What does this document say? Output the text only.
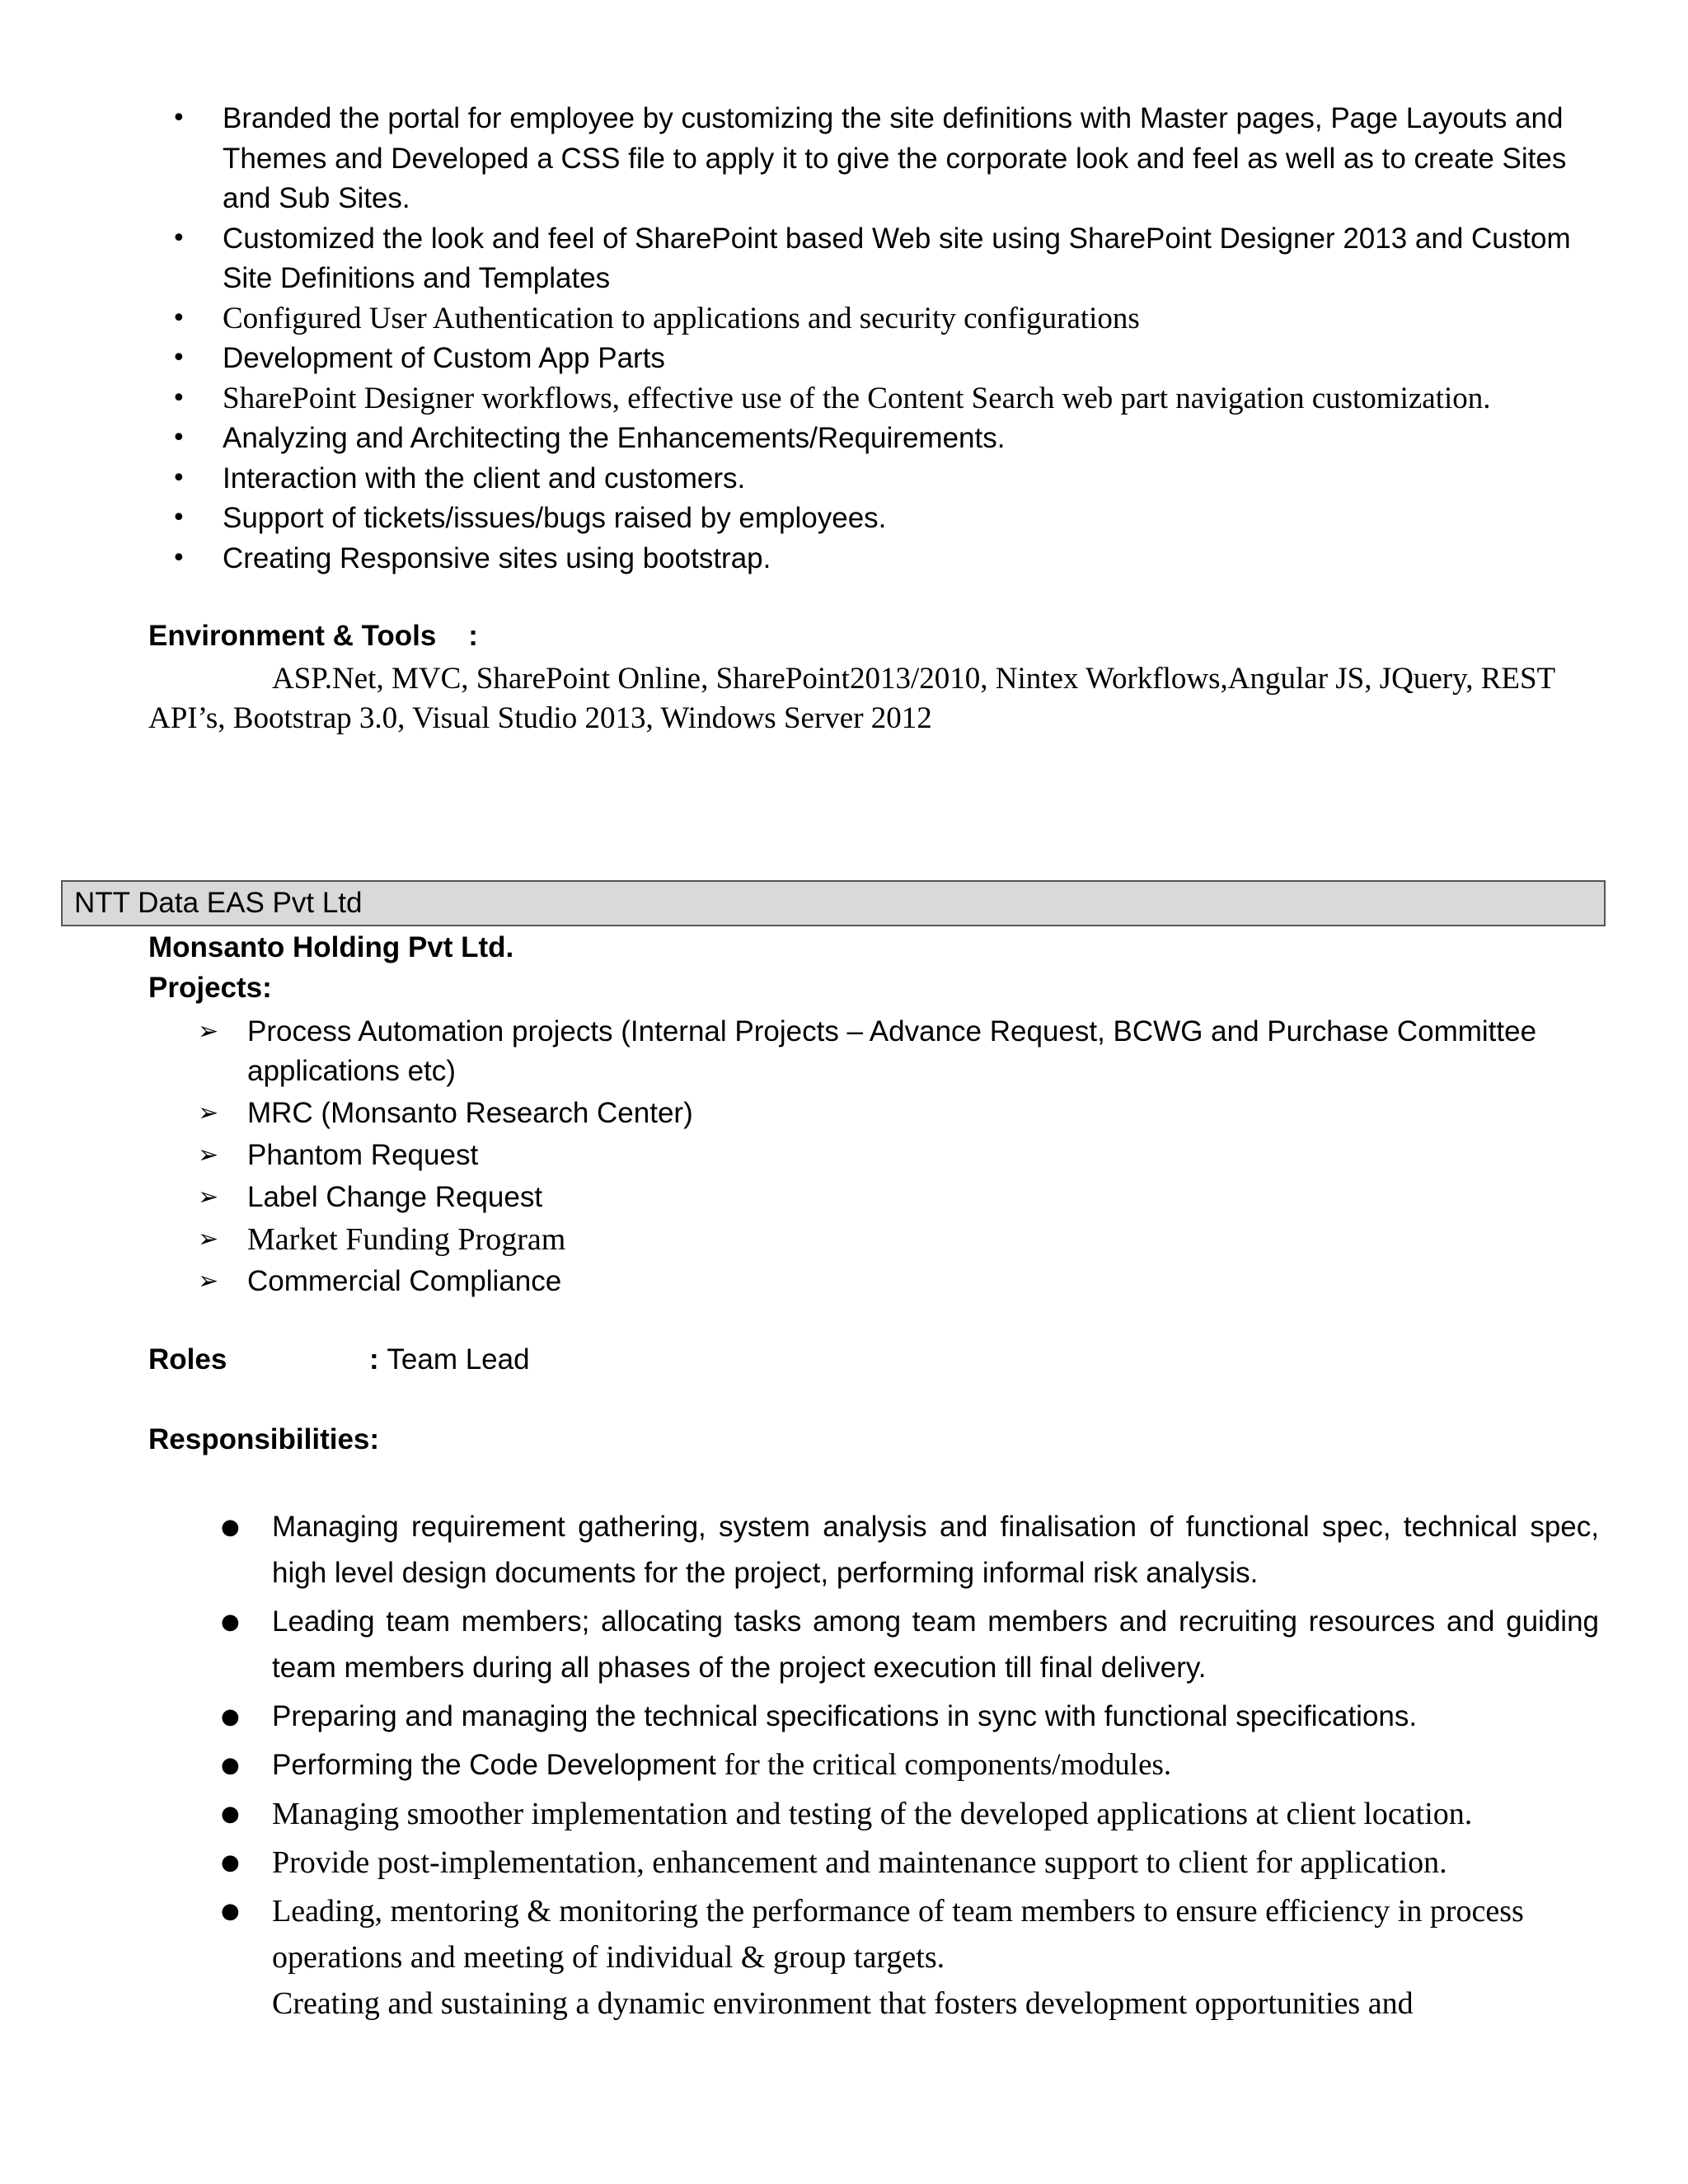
• Branded the portal for employee by customizing the site definitions with Master pages, Page Layouts and Themes and Developed a CSS file to apply it to give the corporate look and feel as well as to create Sites and Sub Sites.
• Customized the look and feel of SharePoint based Web site using SharePoint Designer 2013 and Custom Site Definitions and Templates
• Configured User Authentication to applications and security configurations
• Development of Custom App Parts
• SharePoint Designer workflows, effective use of the Content Search web part navigation customization.
• Analyzing and Architecting the Enhancements/Requirements.
• Interaction with the client and customers.
• Support of tickets/issues/bugs raised by employees.
• Creating Responsive sites using bootstrap.
Environment & Tools    :
ASP.Net, MVC, SharePoint Online, SharePoint2013/2010, Nintex Workflows,Angular JS, JQuery, REST API’s, Bootstrap 3.0, Visual Studio 2013, Windows Server 2012
NTT Data EAS Pvt Ltd
Monsanto Holding Pvt Ltd.
Projects:
➢ Process Automation projects (Internal Projects – Advance Request, BCWG and Purchase Committee applications etc)
➢ MRC (Monsanto Research Center)
➢ Phantom Request
➢ Label Change Request
➢ Market Funding Program
➢ Commercial Compliance
Roles	: Team Lead
Responsibilities:
● Managing requirement gathering, system analysis and finalisation of functional spec, technical spec, high level design documents for the project, performing informal risk analysis.
● Leading team members; allocating tasks among team members and recruiting resources and guiding team members during all phases of the project execution till final delivery.
● Preparing and managing the technical specifications in sync with functional specifications.
● Performing the Code Development for the critical components/modules.
● Managing smoother implementation and testing of the developed applications at client location.
● Provide post-implementation, enhancement and maintenance support to client for application.
● Leading, mentoring & monitoring the performance of team members to ensure efficiency in process operations and meeting of individual & group targets.
Creating and sustaining a dynamic environment that fosters development opportunities and
